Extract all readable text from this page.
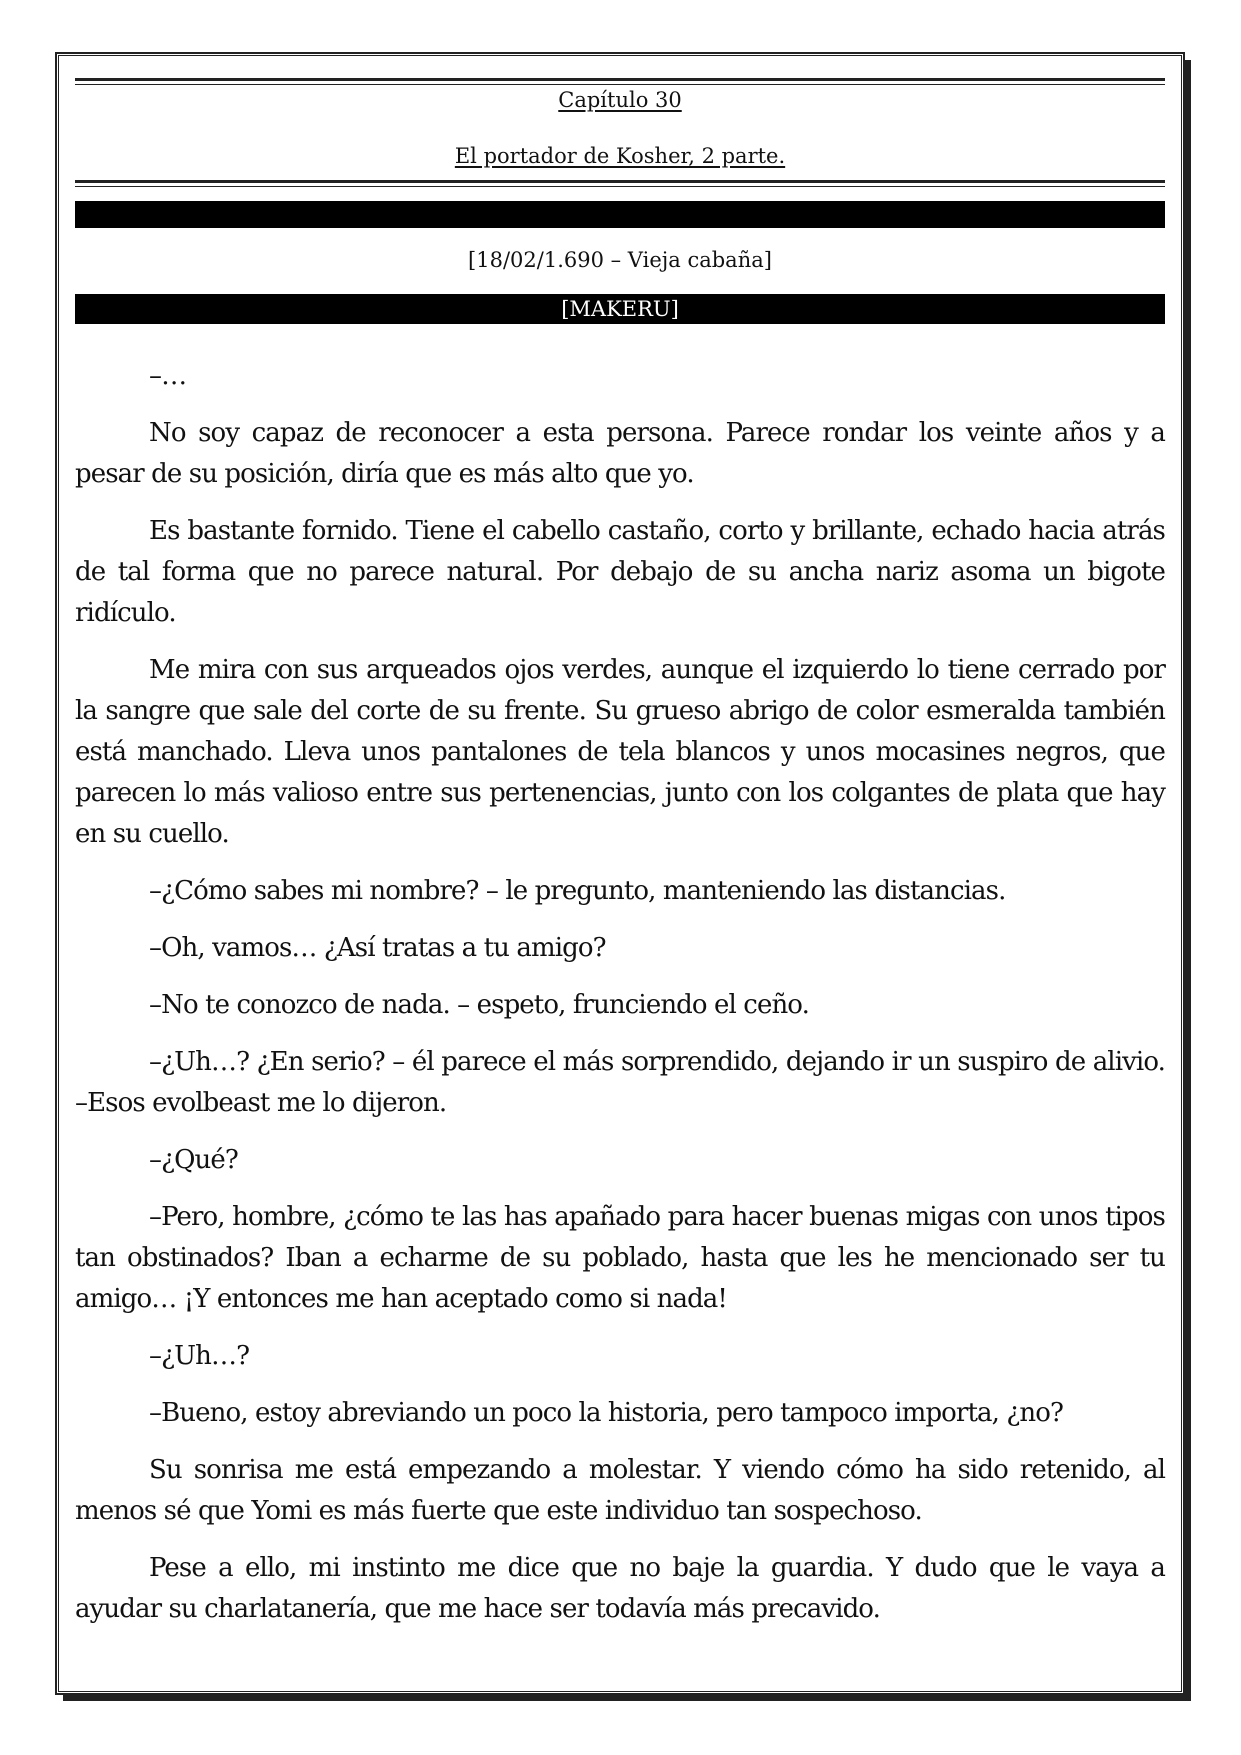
Capítulo 30
El portador de Kosher, 2 parte.
[18/02/1.690 – Vieja cabaña]
[MAKERU]

–…

No soy capaz de reconocer a esta persona. Parece rondar los veinte años y a pesar de su posición, diría que es más alto que yo.

Es bastante fornido. Tiene el cabello castaño, corto y brillante, echado hacia atrás de tal forma que no parece natural. Por debajo de su ancha nariz asoma un bigote ridículo.

Me mira con sus arqueados ojos verdes, aunque el izquierdo lo tiene cerrado por la sangre que sale del corte de su frente. Su grueso abrigo de color esmeralda también está manchado. Lleva unos pantalones de tela blancos y unos mocasines negros, que parecen lo más valioso entre sus pertenencias, junto con los colgantes de plata que hay en su cuello.

–¿Cómo sabes mi nombre? – le pregunto, manteniendo las distancias.

–Oh, vamos… ¿Así tratas a tu amigo?

–No te conozco de nada. – espeto, frunciendo el ceño.

–¿Uh…? ¿En serio? – él parece el más sorprendido, dejando ir un suspiro de alivio. –Esos evolbeast me lo dijeron.

–¿Qué?

–Pero, hombre, ¿cómo te las has apañado para hacer buenas migas con unos tipos tan obstinados? Iban a echarme de su poblado, hasta que les he mencionado ser tu amigo… ¡Y entonces me han aceptado como si nada!

–¿Uh…?

–Bueno, estoy abreviando un poco la historia, pero tampoco importa, ¿no?

Su sonrisa me está empezando a molestar. Y viendo cómo ha sido retenido, al menos sé que Yomi es más fuerte que este individuo tan sospechoso.

Pese a ello, mi instinto me dice que no baje la guardia. Y dudo que le vaya a ayudar su charlatanería, que me hace ser todavía más precavido.
